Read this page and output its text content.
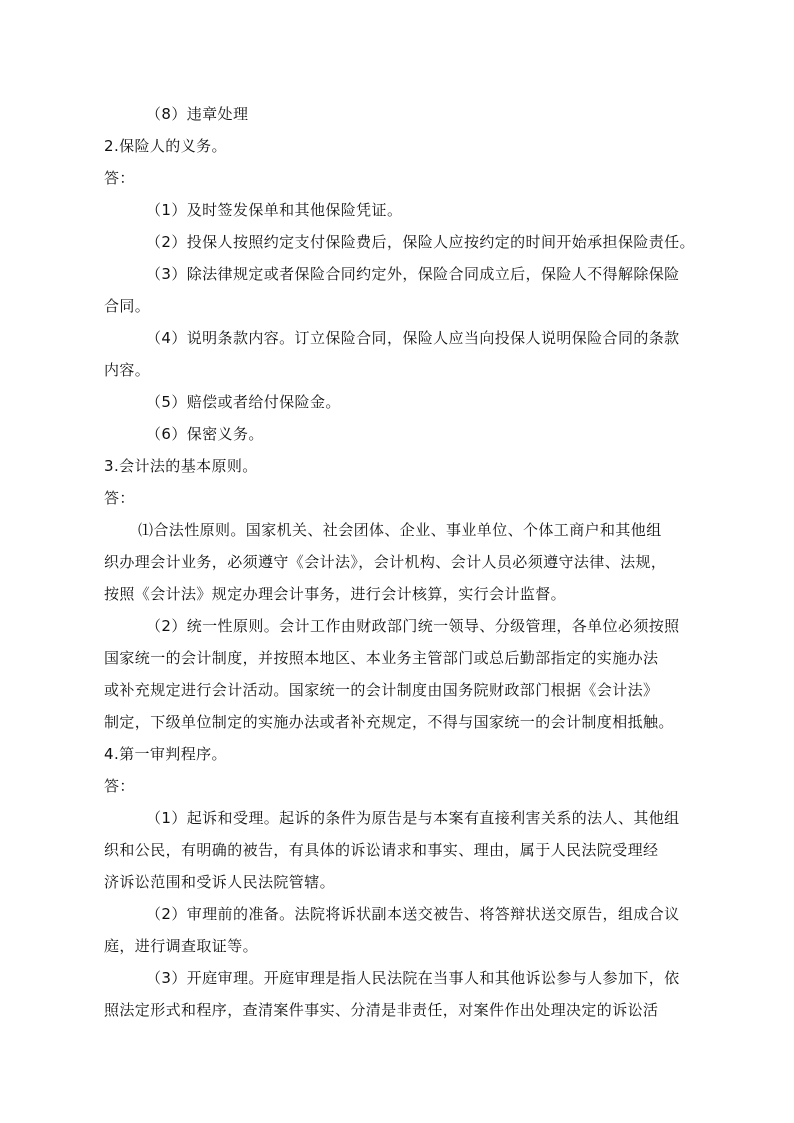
（8）违章处理
2.保险人的义务。
答：
（1）及时签发保单和其他保险凭证。
（2）投保人按照约定支付保险费后，保险人应按约定的时间开始承担保险责任。
（3）除法律规定或者保险合同约定外，保险合同成立后，保险人不得解除保险
合同。
（4）说明条款内容。订立保险合同，保险人应当向投保人说明保险合同的条款
内容。
（5）赔偿或者给付保险金。
（6）保密义务。
3.会计法的基本原则。
答：
⑴合法性原则。国家机关、社会团体、企业、事业单位、个体工商户和其他组
织办理会计业务，必须遵守《会计法》，会计机构、会计人员必须遵守法律、法规，
按照《会计法》规定办理会计事务，进行会计核算，实行会计监督。
（2）统一性原则。会计工作由财政部门统一领导、分级管理，各单位必须按照
国家统一的会计制度，并按照本地区、本业务主管部门或总后勤部指定的实施办法
或补充规定进行会计活动。国家统一的会计制度由国务院财政部门根据《会计法》
制定，下级单位制定的实施办法或者补充规定，不得与国家统一的会计制度相抵触。
4.第一审判程序。
答：
（1）起诉和受理。起诉的条件为原告是与本案有直接利害关系的法人、其他组
织和公民，有明确的被告，有具体的诉讼请求和事实、理由，属于人民法院受理经
济诉讼范围和受诉人民法院管辖。
（2）审理前的准备。法院将诉状副本送交被告、将答辩状送交原告，组成合议
庭，进行调查取证等。
（3）开庭审理。开庭审理是指人民法院在当事人和其他诉讼参与人参加下，依
照法定形式和程序，查清案件事实、分清是非责任，对案件作出处理决定的诉讼活
